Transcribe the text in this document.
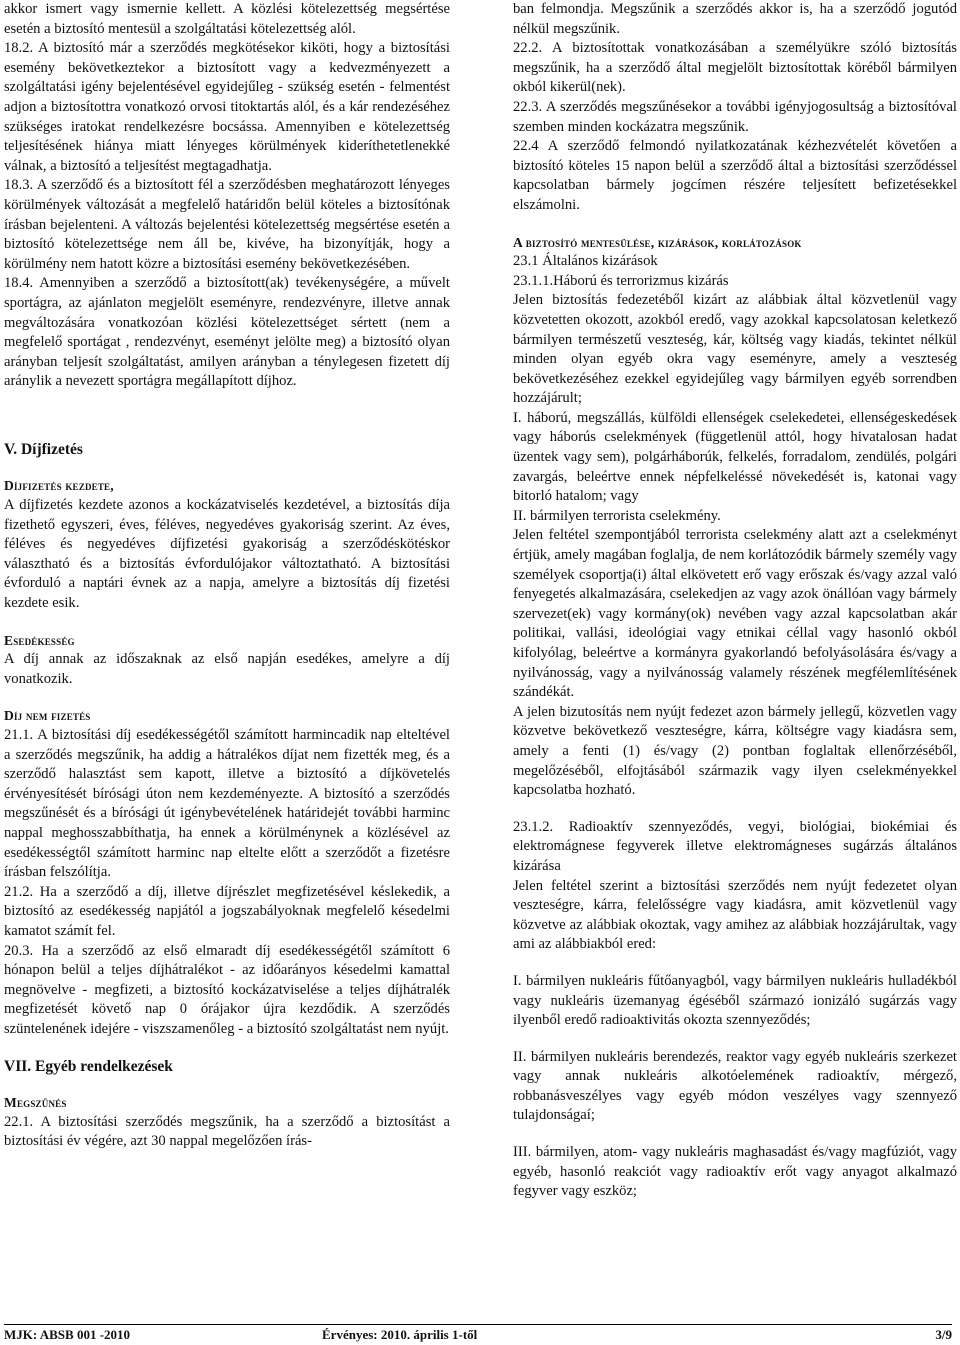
akkor ismert vagy ismernie kellett. A közlési kötelezettség megsértése esetén a biztosító mentesül a szolgáltatási kötelezettség alól.

18.2. A biztosító már a szerződés megkötésekor kiköti, hogy a biztosítási esemény bekövetkeztekor a biztosított vagy a kedvezményezett a szolgáltatási igény bejelentésével egyidejűleg - szükség esetén - felmentést adjon a biztosítottra vonatkozó orvosi titoktartás alól, és a kár rendezéséhez szükséges iratokat rendelkezésre bocsássa. Amennyiben e kötelezettség teljesítésének hiánya miatt lényeges körülmények kideríthetetlenekké válnak, a biztosító a teljesítést megtagadhatja.

18.3. A szerződő és a biztosított fél a szerződésben meghatározott lényeges körülmények változását a megfelelő határidőn belül köteles a biztosítónak írásban bejelenteni. A változás bejelentési kötelezettség megsértése esetén a biztosító kötelezettsége nem áll be, kivéve, ha bizonyítják, hogy a körülmény nem hatott közre a biztosítási esemény bekövetkezésében.

18.4. Amennyiben a szerződő a biztosított(ak) tevékenységére, a művelt sportágra, az ajánlaton megjelölt eseményre, rendezvényre, illetve annak megváltozására vonatkozóan közlési kötelezettséget sértett (nem a megfelelő sportágat , rendezvényt, eseményt jelölte meg) a biztosító olyan arányban teljesít szolgáltatást, amilyen arányban a ténylegesen fizetett díj aránylik a nevezett sportágra megállapított díjhoz.

V. Díjfizetés

Díjfizetés kezdete,

A díjfizetés kezdete azonos a kockázatviselés kezdetével, a biztosítás díja fizethető egyszeri, éves, féléves, negyedéves gyakoriság szerint. Az éves, féléves és negyedéves díjfizetési gyakoriság a szerződéskötéskor választható és a biztosítás évfordulójakor változtatható. A biztosítási évforduló a naptári évnek az a napja, amelyre a biztosítás díj fizetési kezdete esik.

Esedékesség

A díj annak az időszaknak az első napján esedékes, amelyre a díj vonatkozik.

Díj nem fizetés

21.1. A biztosítási díj esedékességétől számított harmincadik nap elteltével a szerződés megszűnik, ha addig a hátralékos díjat nem fizették meg, és a szerződő halasztást sem kapott, illetve a biztosító a díjkövetelés érvényesítését bírósági úton nem kezdeményezte. A biztosító a szerződés megszűnését és a bírósági út igénybevételének határidejét további harminc nappal meghosszabbíthatja, ha ennek a körülménynek a közlésével az esedékességtől számított harminc nap eltelte előtt a szerződőt a fizetésre írásban felszólítja.

21.2. Ha a szerződő a díj, illetve díjrészlet megfizetésével késlekedik, a biztosító az esedékesség napjától a jogszabályoknak megfelelő késedelmi kamatot számít fel.

20.3. Ha a szerződő az első elmaradt díj esedékességétől számított 6 hónapon belül a teljes díjhátralékot - az időarányos késedelmi kamattal megnövelve - megfizeti, a biztosító kockázatviselése a teljes díjhátralék megfizetését követő nap 0 órájakor újra kezdődik. A szerződés szüntelenének idejére - viszszamenőleg - a biztosító szolgáltatást nem nyújt.

VII. Egyéb rendelkezések

Megszűnés

22.1. A biztosítási szerződés megszűnik, ha a szerződő a biztosítást a biztosítási év végére, azt 30 nappal megelőzően írás-

ban felmondja. Megszűnik a szerződés akkor is, ha a szerződő jogutód nélkül megszűnik.

22.2. A biztosítottak vonatkozásában a személyükre szóló biztosítás megszűnik, ha a szerződő által megjelölt biztosítottak köréből bármilyen okból kikerül(nek).

22.3. A szerződés megszűnésekor a további igényjogosultság a biztosítóval szemben minden kockázatra megszűnik.

22.4 A szerződő felmondó nyilatkozatának kézhezvételét követően a biztosító köteles 15 napon belül a szerződő által a biztosítási szerződéssel kapcsolatban bármely jogcímen részére teljesített befizetésekkel elszámolni.

A biztosító mentesülése, kizárások, korlátozások

23.1 Általános kizárások

23.1.1.Háború és terrorizmus kizárás

Jelen biztosítás fedezetéből kizárt az alábbiak által közvetlenül vagy közvetetten okozott, azokból eredő, vagy azokkal kapcsolatosan keletkező bármilyen természetű veszteség, kár, költség vagy kiadás, tekintet nélkül minden olyan egyéb okra vagy eseményre, amely a veszteség bekövetkezéséhez ezekkel egyidejűleg vagy bármilyen egyéb sorrendben hozzájárult;

I. háború, megszállás, külföldi ellenségek cselekedetei, ellenségeskedések vagy háborús cselekmények (függetlenül attól, hogy hivatalosan hadat üzentek vagy sem), polgárháborúk, felkelés, forradalom, zendülés, polgári zavargás, beleértve ennek népfelkeléssé növekedését is, katonai vagy bitorló hatalom; vagy

II. bármilyen terrorista cselekmény.

Jelen feltétel szempontjából terrorista cselekmény alatt azt a cselekményt értjük, amely magában foglalja, de nem korlátozódik bármely személy vagy személyek csoportja(i) által elkövetett erő vagy erőszak és/vagy azzal való fenyegetés alkalmazására, cselekedjen az vagy azok önállóan vagy bármely szervezet(ek) vagy kormány(ok) nevében vagy azzal kapcsolatban akár politikai, vallási, ideológiai vagy etnikai céllal vagy hasonló okból kifolyólag, beleértve a kormányra gyakorlandó befolyásolására és/vagy a nyilvánosság, vagy a nyilvánosság valamely részének megfélemlítésének szándékát.

A jelen bizutosítás nem nyújt fedezet azon bármely jellegű, közvetlen vagy közvetve bekövetkező veszteségre, kárra, költségre vagy kiadásra sem, amely a fenti (1) és/vagy (2) pontban foglaltak ellenőrzéséből, megelőzéséből, elfojtásából származik vagy ilyen cselekményekkel kapcsolatba hozható.

23.1.2. Radioaktív szennyeződés, vegyi, biológiai, biokémiai és elektromágnese fegyverek illetve elektromágneses sugárzás általános kizárása

Jelen feltétel szerint a biztosítási szerződés nem nyújt fedezetet olyan veszteségre, kárra, felelősségre vagy kiadásra, amit közvetlenül vagy közvetve az alábbiak okoztak, vagy amihez az alábbiak hozzájárultak, vagy ami az alábbiakból ered:

I. bármilyen nukleáris fűtőanyagból, vagy bármilyen nukleáris hulladékból vagy nukleáris üzemanyag égéséből származó ionizáló sugárzás vagy ilyenből eredő radioaktivitás okozta szennyeződés;

II. bármilyen nukleáris berendezés, reaktor vagy egyéb nukleáris szerkezet vagy annak nukleáris alkotóelemének radioaktív, mérgező, robbanásveszélyes vagy egyéb módon veszélyes vagy szennyező tulajdonságaí;

III. bármilyen, atom- vagy nukleáris maghasadást és/vagy magfúziót, vagy egyéb, hasonló reakciót vagy radioaktív erőt vagy anyagot alkalmazó fegyver vagy eszköz;

MJK: ABSB 001 -2010	Érvényes: 2010. április 1-től	3/9
